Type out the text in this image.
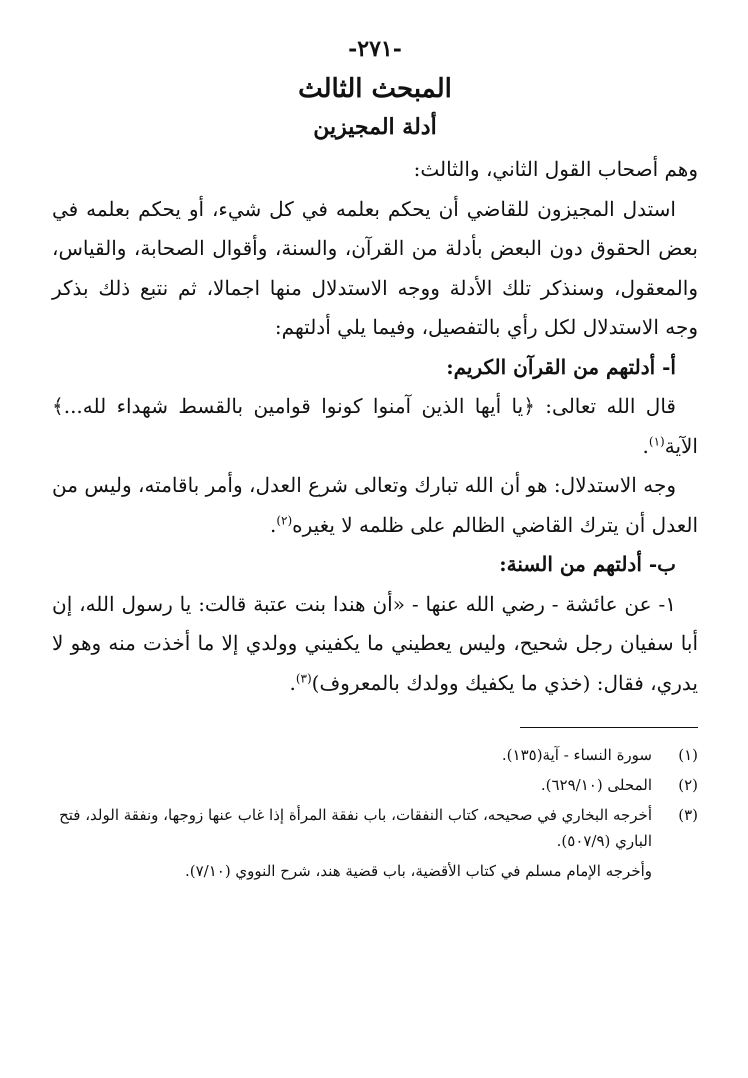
-٢٧١-
المبحث الثالث
أدلة المجيزين

وهم أصحاب القول الثاني، والثالث:

استدل المجيزون للقاضي أن يحكم بعلمه في كل شيء، أو يحكم بعلمه في بعض الحقوق دون البعض بأدلة من القرآن، والسنة، وأقوال الصحابة، والقياس، والمعقول، وسنذكر تلك الأدلة ووجه الاستدلال منها اجمالا، ثم نتبع ذلك بذكر وجه الاستدلال لكل رأي بالتفصيل، وفيما يلي أدلتهم:

أ- أدلتهم من القرآن الكريم:

قال الله تعالى: ﴿يا أيها الذين آمنوا كونوا قوامين بالقسط شهداء لله...﴾ الآية$^{(١)}$.

وجه الاستدلال: هو أن الله تبارك وتعالى شرع العدل، وأمر باقامته، وليس من العدل أن يترك القاضي الظالم على ظلمه لا يغيره$^{(٢)}$.

ب- أدلتهم من السنة:

١- عن عائشة - رضي الله عنها - «أن هندا بنت عتبة قالت: يا رسول الله، إن أبا سفيان رجل شحيح، وليس يعطيني ما يكفيني وولدي إلا ما أخذت منه وهو لا يدري، فقال: (خذي ما يكفيك وولدك بالمعروف)$^{(٣)}$.

(١)
سورة النساء - آية(١٣٥).
(٢)
المحلى (٦٢٩/١٠).
(٣)
أخرجه البخاري في صحيحه، كتاب النفقات، باب نفقة المرأة إذا غاب عنها زوجها، ونفقة الولد، فتح الباري (٥٠٧/٩).

وأخرجه الإمام مسلم في كتاب الأقضية، باب قضية هند، شرح النووي (٧/١٠).
